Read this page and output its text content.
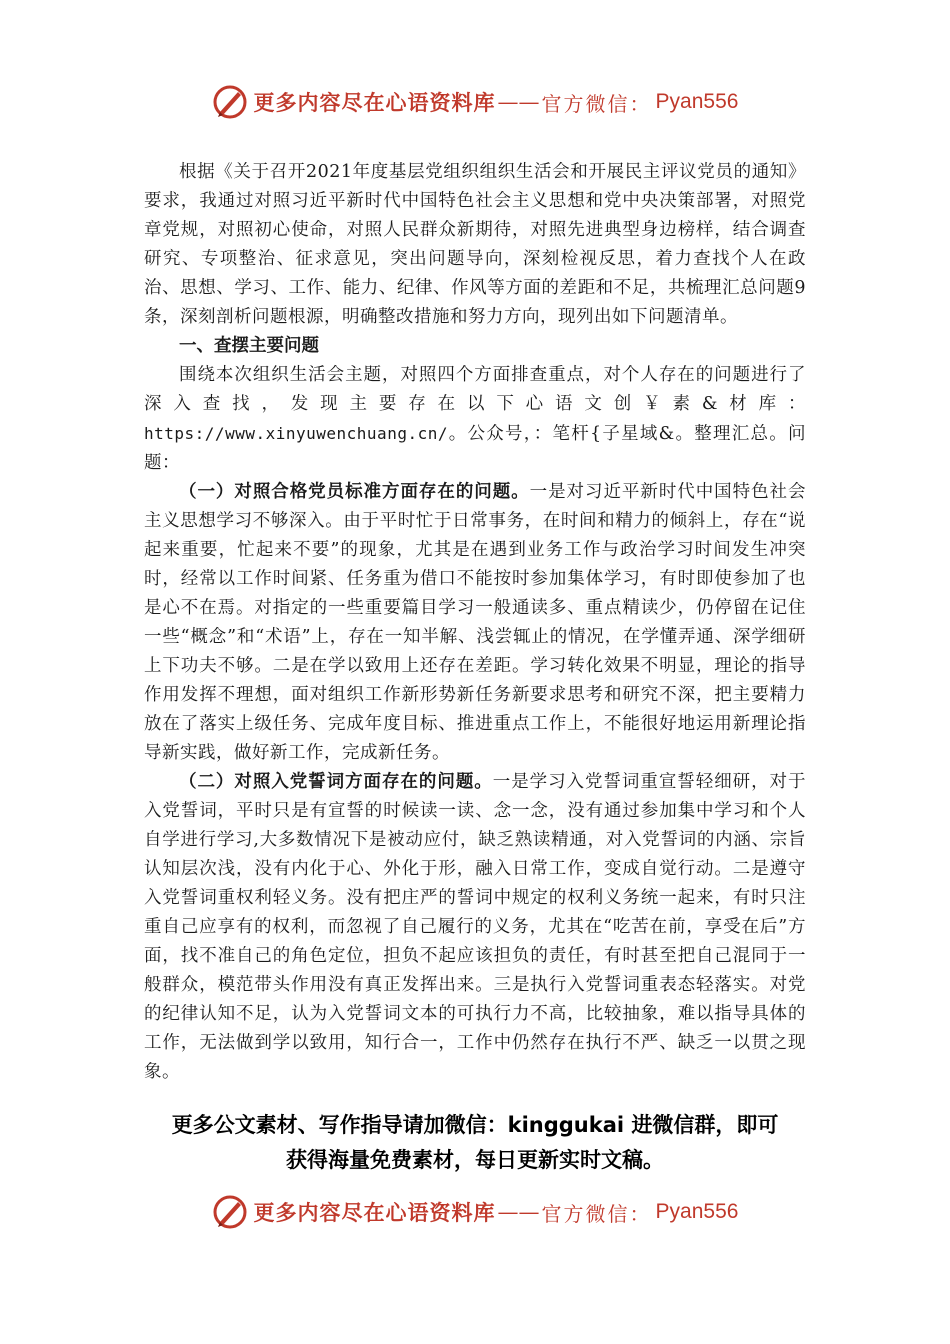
更多内容尽在心语资料库 —— 官方微信： Pyan556

根据《关于召开2021年度基层党组织组织生活会和开展民主评议党员的通知》要求，我通过对照习近平新时代中国特色社会主义思想和党中央决策部署，对照党章党规，对照初心使命，对照人民群众新期待，对照先进典型身边榜样，结合调查研究、专项整治、征求意见，突出问题导向，深刻检视反思，着力查找个人在政治、思想、学习、工作、能力、纪律、作风等方面的差距和不足，共梳理汇总问题9条，深刻剖析问题根源，明确整改措施和努力方向，现列出如下问题清单。

一、查摆主要问题

围绕本次组织生活会主题，对照四个方面排查重点，对个人存在的问题进行了深入查找，发现主要存在以下心语文创￥素&材库：https://www.xinyuwenchuang.cn/。公众号，：笔杆{子星域&。整理汇总。问题：

（一）对照合格党员标准方面存在的问题。一是对习近平新时代中国特色社会主义思想学习不够深入。由于平时忙于日常事务，在时间和精力的倾斜上，存在“说起来重要，忙起来不要”的现象，尤其是在遇到业务工作与政治学习时间发生冲突时，经常以工作时间紧、任务重为借口不能按时参加集体学习，有时即使参加了也是心不在焉。对指定的一些重要篇目学习一般通读多、重点精读少，仍停留在记住一些“概念”和“术语”上，存在一知半解、浅尝辄止的情况，在学懂弄通、深学细研上下功夫不够。二是在学以致用上还存在差距。学习转化效果不明显，理论的指导作用发挥不理想，面对组织工作新形势新任务新要求思考和研究不深，把主要精力放在了落实上级任务、完成年度目标、推进重点工作上，不能很好地运用新理论指导新实践，做好新工作，完成新任务。

（二）对照入党誓词方面存在的问题。一是学习入党誓词重宣誓轻细研，对于入党誓词，平时只是有宣誓的时候读一读、念一念，没有通过参加集中学习和个人自学进行学习,大多数情况下是被动应付，缺乏熟读精通，对入党誓词的内涵、宗旨认知层次浅，没有内化于心、外化于形，融入日常工作，变成自觉行动。二是遵守入党誓词重权利轻义务。没有把庄严的誓词中规定的权利义务统一起来，有时只注重自己应享有的权利，而忽视了自己履行的义务，尤其在“吃苦在前，享受在后”方面，找不准自己的角色定位，担负不起应该担负的责任，有时甚至把自己混同于一般群众，模范带头作用没有真正发挥出来。三是执行入党誓词重表态轻落实。对党的纪律认知不足，认为入党誓词文本的可执行力不高，比较抽象，难以指导具体的工作，无法做到学以致用，知行合一，工作中仍然存在执行不严、缺乏一以贯之现象。

更多公文素材、写作指导请加微信：kinggukai 进微信群，即可
获得海量免费素材，每日更新实时文稿。
更多内容尽在心语资料库 —— 官方微信： Pyan556
